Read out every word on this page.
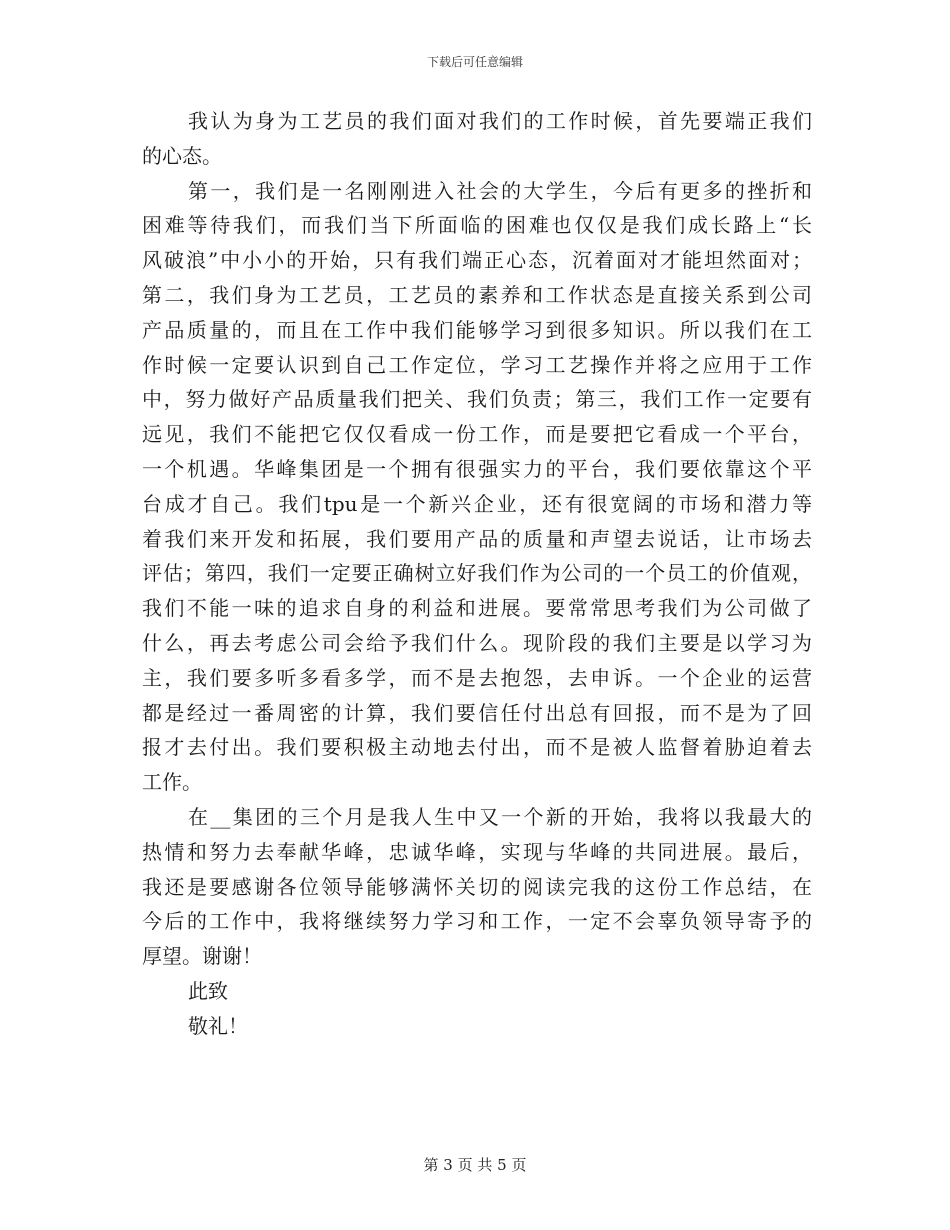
下载后可任意编辑
我认为身为工艺员的我们面对我们的工作时候，首先要端正我们
的心态。
第一，我们是一名刚刚进入社会的大学生，今后有更多的挫折和
困难等待我们，而我们当下所面临的困难也仅仅是我们成长路上“长
风破浪”中小小的开始，只有我们端正心态，沉着面对才能坦然面对；
第二，我们身为工艺员，工艺员的素养和工作状态是直接关系到公司
产品质量的，而且在工作中我们能够学习到很多知识。所以我们在工
作时候一定要认识到自己工作定位，学习工艺操作并将之应用于工作
中，努力做好产品质量我们把关、我们负责；第三，我们工作一定要有
远见，我们不能把它仅仅看成一份工作，而是要把它看成一个平台，
一个机遇。华峰集团是一个拥有很强实力的平台，我们要依靠这个平
台成才自己。我们tpu是一个新兴企业，还有很宽阔的市场和潜力等
着我们来开发和拓展，我们要用产品的质量和声望去说话，让市场去
评估；第四，我们一定要正确树立好我们作为公司的一个员工的价值观，
我们不能一味的追求自身的利益和进展。要常常思考我们为公司做了
什么，再去考虑公司会给予我们什么。现阶段的我们主要是以学习为
主，我们要多听多看多学，而不是去抱怨，去申诉。一个企业的运营
都是经过一番周密的计算，我们要信任付出总有回报，而不是为了回
报才去付出。我们要积极主动地去付出，而不是被人监督着胁迫着去
工作。
在__集团的三个月是我人生中又一个新的开始，我将以我最大的
热情和努力去奉献华峰，忠诚华峰，实现与华峰的共同进展。最后，
我还是要感谢各位领导能够满怀关切的阅读完我的这份工作总结，在
今后的工作中，我将继续努力学习和工作，一定不会辜负领导寄予的
厚望。谢谢！
此致
敬礼！
第 3 页 共 5 页
